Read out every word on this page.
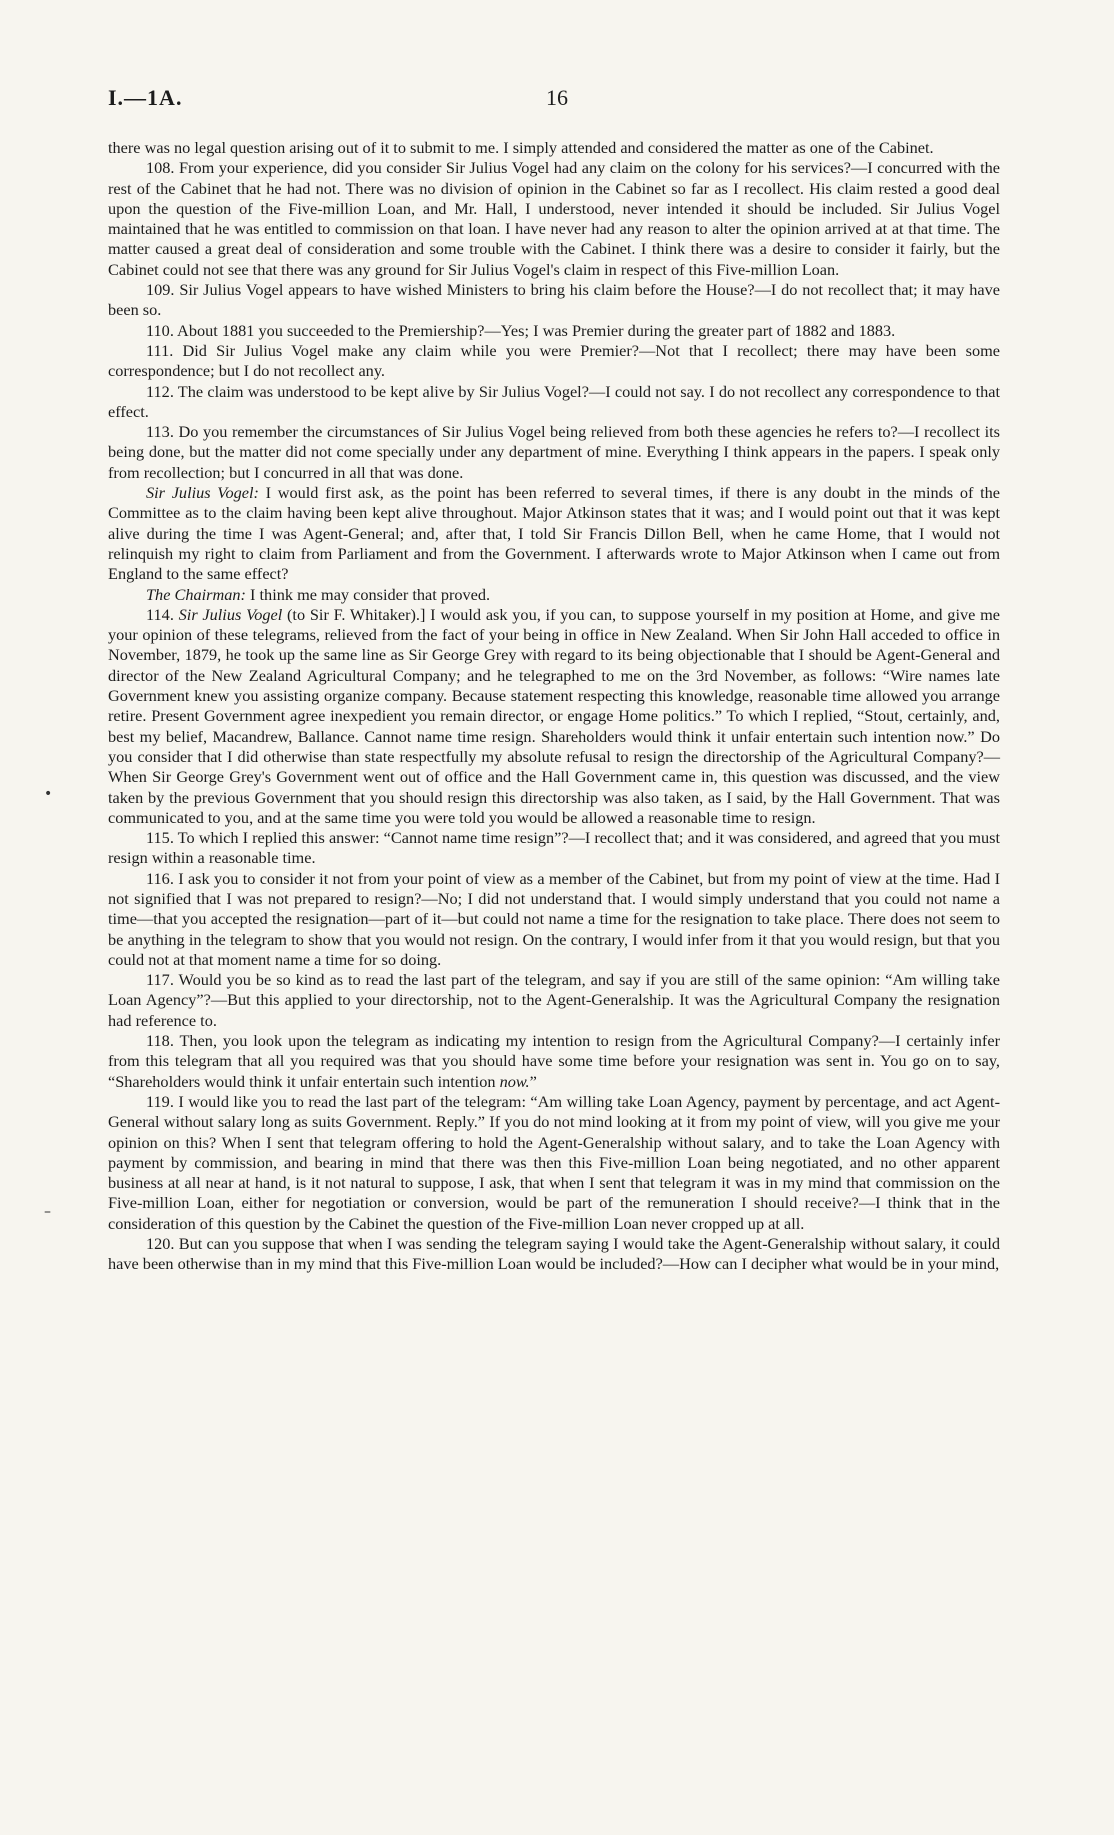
I.—1A.	16

there was no legal question arising out of it to submit to me. I simply attended and considered the matter as one of the Cabinet.

108. From your experience, did you consider Sir Julius Vogel had any claim on the colony for his services?—I concurred with the rest of the Cabinet that he had not. There was no division of opinion in the Cabinet so far as I recollect. His claim rested a good deal upon the question of the Five-million Loan, and Mr. Hall, I understood, never intended it should be included. Sir Julius Vogel maintained that he was entitled to commission on that loan. I have never had any reason to alter the opinion arrived at at that time. The matter caused a great deal of consideration and some trouble with the Cabinet. I think there was a desire to consider it fairly, but the Cabinet could not see that there was any ground for Sir Julius Vogel's claim in respect of this Five-million Loan.

109. Sir Julius Vogel appears to have wished Ministers to bring his claim before the House?—I do not recollect that; it may have been so.

110. About 1881 you succeeded to the Premiership?—Yes; I was Premier during the greater part of 1882 and 1883.

111. Did Sir Julius Vogel make any claim while you were Premier?—Not that I recollect; there may have been some correspondence; but I do not recollect any.

112. The claim was understood to be kept alive by Sir Julius Vogel?—I could not say. I do not recollect any correspondence to that effect.

113. Do you remember the circumstances of Sir Julius Vogel being relieved from both these agencies he refers to?—I recollect its being done, but the matter did not come specially under any department of mine. Everything I think appears in the papers. I speak only from recollection; but I concurred in all that was done.

Sir Julius Vogel: I would first ask, as the point has been referred to several times, if there is any doubt in the minds of the Committee as to the claim having been kept alive throughout. Major Atkinson states that it was; and I would point out that it was kept alive during the time I was Agent-General; and, after that, I told Sir Francis Dillon Bell, when he came Home, that I would not relinquish my right to claim from Parliament and from the Government. I afterwards wrote to Major Atkinson when I came out from England to the same effect?

The Chairman: I think me may consider that proved.

114. Sir Julius Vogel (to Sir F. Whitaker).] I would ask you, if you can, to suppose yourself in my position at Home, and give me your opinion of these telegrams, relieved from the fact of your being in office in New Zealand. When Sir John Hall acceded to office in November, 1879, he took up the same line as Sir George Grey with regard to its being objectionable that I should be Agent-General and director of the New Zealand Agricultural Company; and he telegraphed to me on the 3rd November, as follows: “Wire names late Government knew you assisting organize company. Because statement respecting this knowledge, reasonable time allowed you arrange retire. Present Government agree inexpedient you remain director, or engage Home politics.” To which I replied, “Stout, certainly, and, best my belief, Macandrew, Ballance. Cannot name time resign. Shareholders would think it unfair entertain such intention now.” Do you consider that I did otherwise than state respectfully my absolute refusal to resign the directorship of the Agricultural Company?—When Sir George Grey's Government went out of office and the Hall Government came in, this question was discussed, and the view taken by the previous Government that you should resign this directorship was also taken, as I said, by the Hall Government. That was communicated to you, and at the same time you were told you would be allowed a reasonable time to resign.

115. To which I replied this answer: “Cannot name time resign”?—I recollect that; and it was considered, and agreed that you must resign within a reasonable time.

116. I ask you to consider it not from your point of view as a member of the Cabinet, but from my point of view at the time. Had I not signified that I was not prepared to resign?—No; I did not understand that. I would simply understand that you could not name a time—that you accepted the resignation—part of it—but could not name a time for the resignation to take place. There does not seem to be anything in the telegram to show that you would not resign. On the contrary, I would infer from it that you would resign, but that you could not at that moment name a time for so doing.

117. Would you be so kind as to read the last part of the telegram, and say if you are still of the same opinion: “Am willing take Loan Agency”?—But this applied to your directorship, not to the Agent-Generalship. It was the Agricultural Company the resignation had reference to.

118. Then, you look upon the telegram as indicating my intention to resign from the Agricultural Company?—I certainly infer from this telegram that all you required was that you should have some time before your resignation was sent in. You go on to say, “Shareholders would think it unfair entertain such intention now.”

119. I would like you to read the last part of the telegram: “Am willing take Loan Agency, payment by percentage, and act Agent-General without salary long as suits Government. Reply.” If you do not mind looking at it from my point of view, will you give me your opinion on this? When I sent that telegram offering to hold the Agent-Generalship without salary, and to take the Loan Agency with payment by commission, and bearing in mind that there was then this Five-million Loan being negotiated, and no other apparent business at all near at hand, is it not natural to suppose, I ask, that when I sent that telegram it was in my mind that commission on the Five-million Loan, either for negotiation or conversion, would be part of the remuneration I should receive?—I think that in the consideration of this question by the Cabinet the question of the Five-million Loan never cropped up at all.

120. But can you suppose that when I was sending the telegram saying I would take the Agent-Generalship without salary, it could have been otherwise than in my mind that this Five-million Loan would be included?—How can I decipher what would be in your mind,

•
–
